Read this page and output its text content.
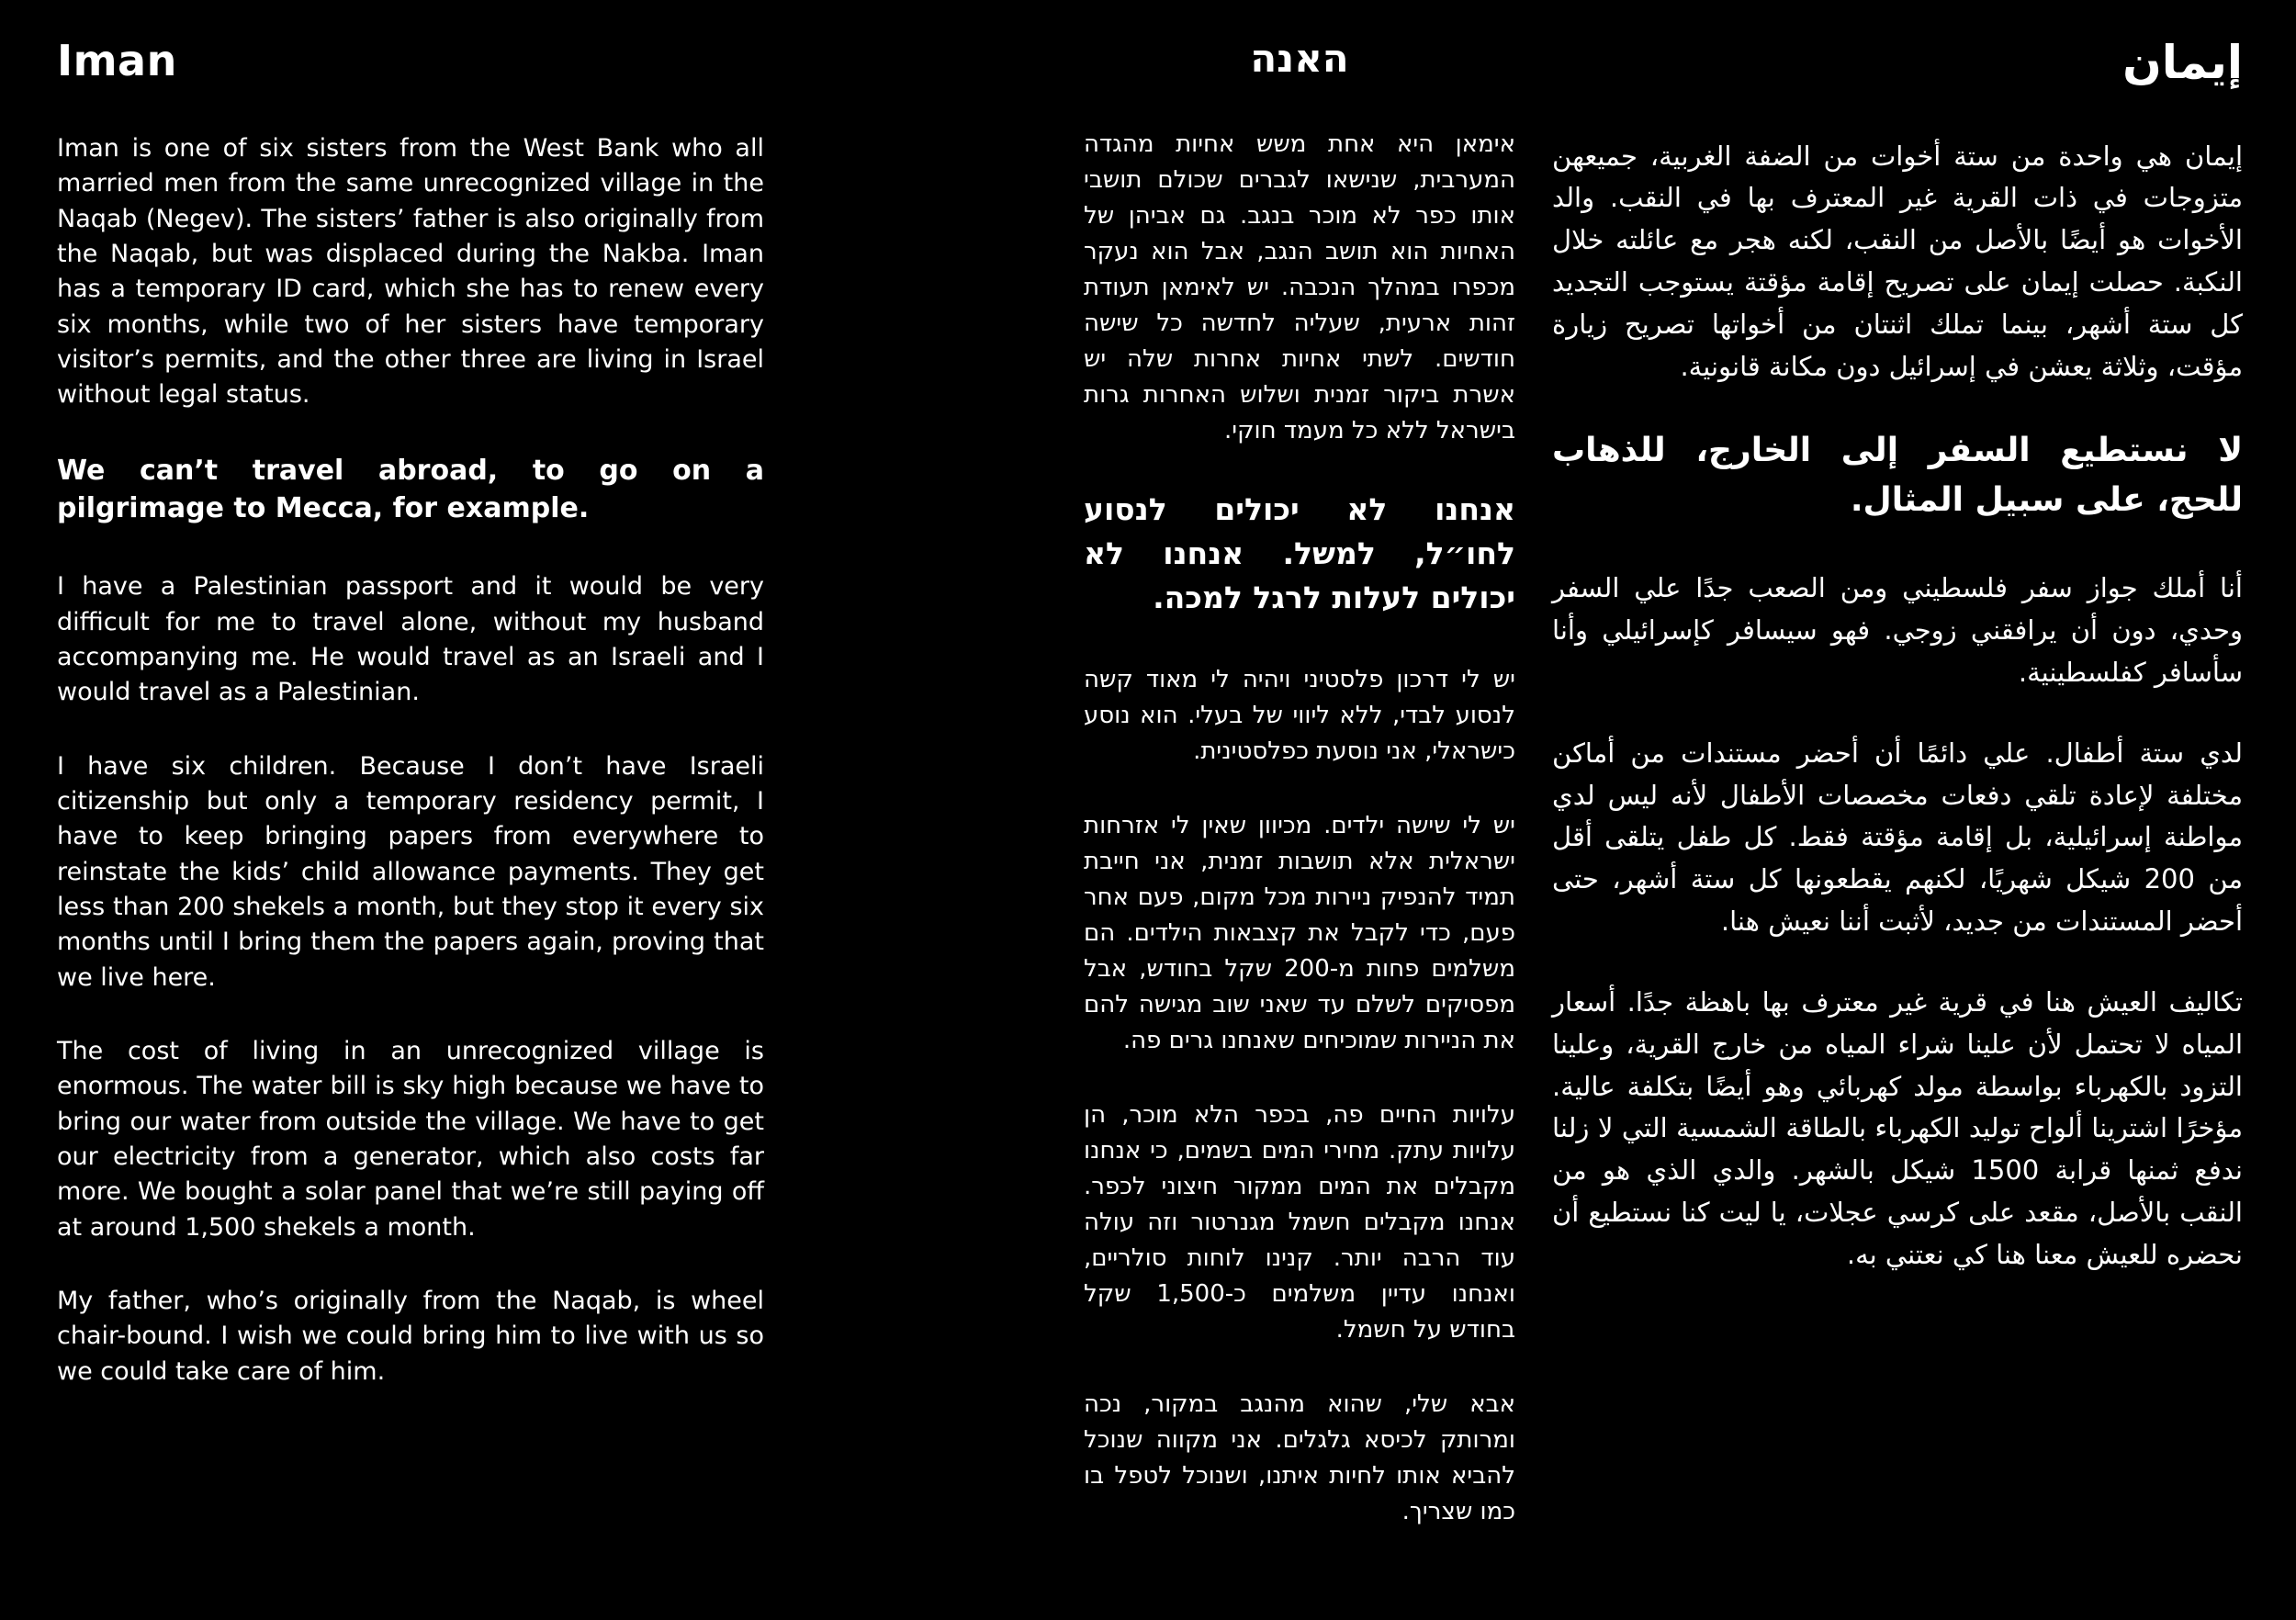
Iman

Iman is one of six sisters from the West Bank who all married men from the same unrecognized village in the Naqab (Negev). The sisters’ father is also originally from the Naqab, but was displaced during the Nakba. Iman has a temporary ID card, which she has to renew every six months, while two of her sisters have temporary visitor’s permits, and the other three are living in Israel without legal status.

We can’t travel abroad, to go on a pilgrimage to Mecca, for example.

I have a Palestinian passport and it would be very difficult for me to travel alone, without my husband accompanying me. He would travel as an Israeli and I would travel as a Palestinian.

I have six children. Because I don’t have Israeli citizenship but only a temporary residency permit, I have to keep bringing papers from everywhere to reinstate the kids’ child allowance payments. They get less than 200 shekels a month, but they stop it every six months until I bring them the papers again, proving that we live here.

The cost of living in an unrecognized village is enormous. The water bill is sky high because we have to bring our water from outside the village. We have to get our electricity from a generator, which also costs far more. We bought a solar panel that we’re still paying off at around 1,500 shekels a month.

My father, who’s originally from the Naqab, is wheel chair-bound. I wish we could bring him to live with us so we could take care of him.

האנה

אימאן היא אחת משש אחיות מהגדה המערבית, שנישאו לגברים שכולם תושבי אותו כפר לא מוכר בנגב. גם אביהן של האחיות הוא תושב הנגב, אבל הוא נעקר מכפרו במהלך הנכבה. יש לאימאן תעודת זהות ארעית, שעליה לחדשה כל שישה חודשים. לשתי אחיות אחרות שלה יש אשרת ביקור זמנית ושלוש האחרות גרות בישראל ללא כל מעמד חוקי.

אנחנו לא יכולים לנסוע לחו״ל, למשל. אנחנו לא יכולים לעלות לרגל למכה.

יש לי דרכון פלסטיני ויהיה לי מאוד קשה לנסוע לבדי, ללא ליווי של בעלי. הוא נוסע כישראלי, אני נוסעת כפלסטינית.

יש לי שישה ילדים. מכיוון שאין לי אזרחות ישראלית אלא תושבות זמנית, אני חייבת תמיד להנפיק ניירות מכל מקום, פעם אחר פעם, כדי לקבל את קצבאות הילדים. הם משלמים פחות מ-200 שקל בחודש, אבל מפסיקים לשלם עד שאני שוב מגישה להם את הניירות שמוכיחים שאנחנו גרים פה.

עלויות החיים פה, בכפר הלא מוכר, הן עלויות עתק. מחירי המים בשמים, כי אנחנו מקבלים את המים ממקור חיצוני לכפר. אנחנו מקבלים חשמל מגנרטור וזה עולה עוד הרבה יותר. קנינו לוחות סולריים, ואנחנו עדיין משלמים כ-1,500 שקל בחודש על חשמל.

אבא שלי, שהוא מהנגב במקור, נכה ומרותק לכיסא גלגלים. אני מקווה שנוכל להביא אותו לחיות איתנו, ושנוכל לטפל בו כמו שצריך.

إيمان

إيمان هي واحدة من ستة أخوات من الضفة الغربية، جميعهن متزوجات في ذات القرية غير المعترف بها في النقب. والد الأخوات هو أيضًا بالأصل من النقب، لكنه هجر مع عائلته خلال النكبة. حصلت إيمان على تصريح إقامة مؤقتة يستوجب التجديد كل ستة أشهر، بينما تملك اثنتان من أخواتها تصريح زيارة مؤقت، وثلاثة يعشن في إسرائيل دون مكانة قانونية.

لا نستطيع السفر إلى الخارج، للذهاب للحج، على سبيل المثال.

أنا أملك جواز سفر فلسطيني ومن الصعب جدًا علي السفر وحدي، دون أن يرافقني زوجي. فهو سيسافر كإسرائيلي وأنا سأسافر كفلسطينية.

لدي ستة أطفال. علي دائمًا أن أحضر مستندات من أماكن مختلفة لإعادة تلقي دفعات مخصصات الأطفال لأنه ليس لدي مواطنة إسرائيلية، بل إقامة مؤقتة فقط. كل طفل يتلقى أقل من 200 شيكل شهريًا، لكنهم يقطعونها كل ستة أشهر، حتى أحضر المستندات من جديد، لأثبت أننا نعيش هنا.

تكاليف العيش هنا في قرية غير معترف بها باهظة جدًا. أسعار المياه لا تحتمل لأن علينا شراء المياه من خارج القرية، وعلينا التزود بالكهرباء بواسطة مولد كهربائي وهو أيضًا بتكلفة عالية. مؤخرًا اشترينا ألواح توليد الكهرباء بالطاقة الشمسية التي لا زلنا ندفع ثمنها قرابة 1500 شيكل بالشهر. والدي الذي هو من النقب بالأصل، مقعد على كرسي عجلات، يا ليت كنا نستطيع أن نحضره للعيش معنا هنا كي نعتني به.
